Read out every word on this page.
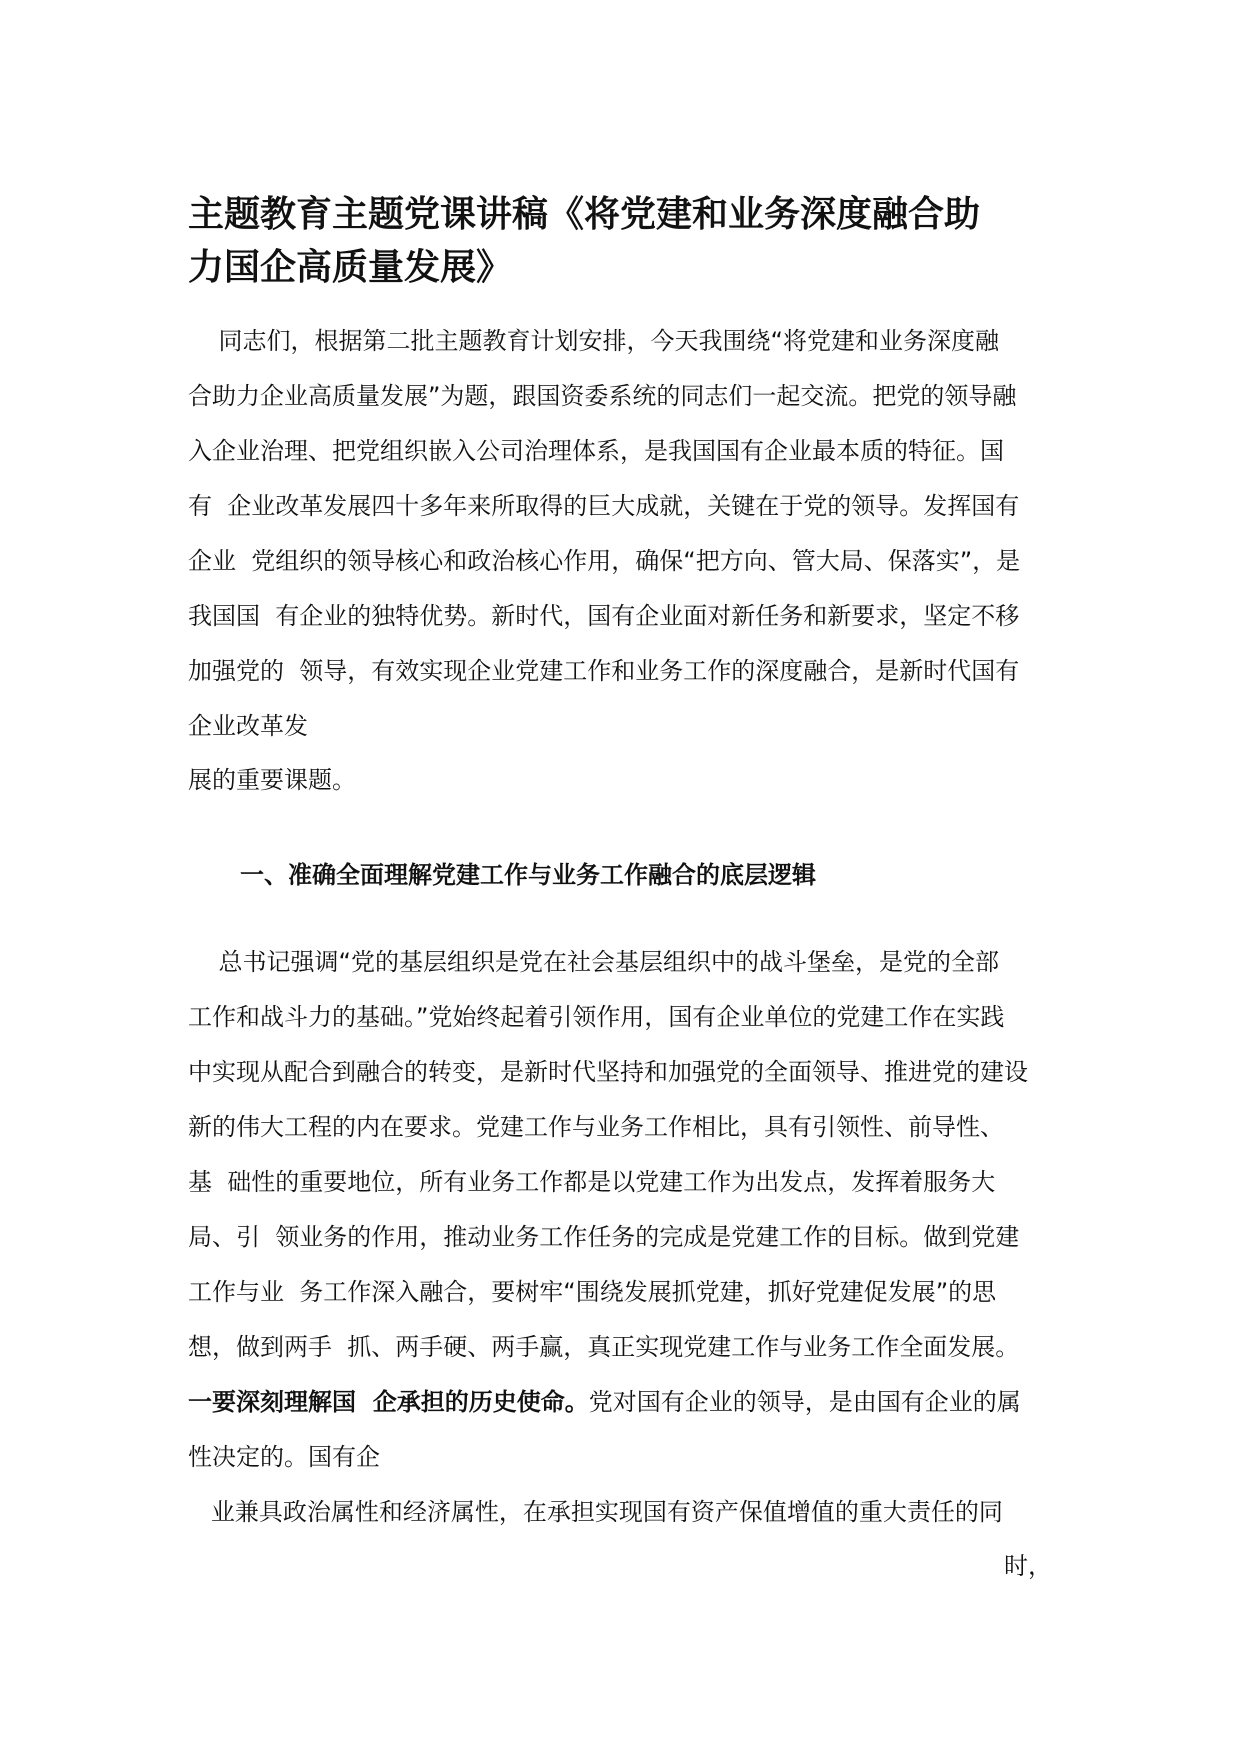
主题教育主题党课讲稿《将党建和业务深度融合助
力国企高质量发展》

同志们，根据第二批主题教育计划安排，今天我围绕“将党建和业务深度融

合助力企业高质量发展”为题，跟国资委系统的同志们一起交流。把党的领导融

入企业治理、把党组织嵌入公司治理体系，是我国国有企业最本质的特征。国

有  企业改革发展四十多年来所取得的巨大成就，关键在于党的领导。发挥国有

企业  党组织的领导核心和政治核心作用，确保“把方向、管大局、保落实”，是

我国国  有企业的独特优势。新时代，国有企业面对新任务和新要求，坚定不移

加强党的  领导，有效实现企业党建工作和业务工作的深度融合，是新时代国有

企业改革发

展的重要课题。

一、准确全面理解党建工作与业务工作融合的底层逻辑

总书记强调“党的基层组织是党在社会基层组织中的战斗堡垒，是党的全部

工作和战斗力的基础。”党始终起着引领作用，国有企业单位的党建工作在实践

中实现从配合到融合的转变，是新时代坚持和加强党的全面领导、推进党的建设

新的伟大工程的内在要求。党建工作与业务工作相比，具有引领性、前导性、

基  础性的重要地位，所有业务工作都是以党建工作为出发点，发挥着服务大

局、引  领业务的作用，推动业务工作任务的完成是党建工作的目标。做到党建

工作与业  务工作深入融合，要树牢“围绕发展抓党建，抓好党建促发展”的思

想，做到两手  抓、两手硬、两手赢，真正实现党建工作与业务工作全面发展。

一要深刻理解国  企承担的历史使命。党对国有企业的领导，是由国有企业的属

性决定的。国有企

业兼具政治属性和经济属性，在承担实现国有资产保值增值的重大责任的同

时，
